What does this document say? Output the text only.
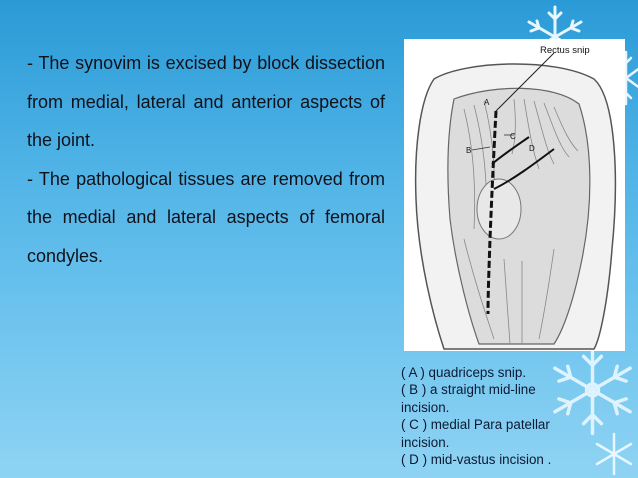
- The synovim is excised by block dissection from medial, lateral and anterior aspects of the joint.

- The pathological tissues are removed from the medial and lateral aspects of femoral condyles.

Rectus snip
A
B
C
D
( A ) quadriceps snip.
( B ) a straight mid-line
incision.
( C ) medial Para patellar
incision.
( D ) mid-vastus incision .
